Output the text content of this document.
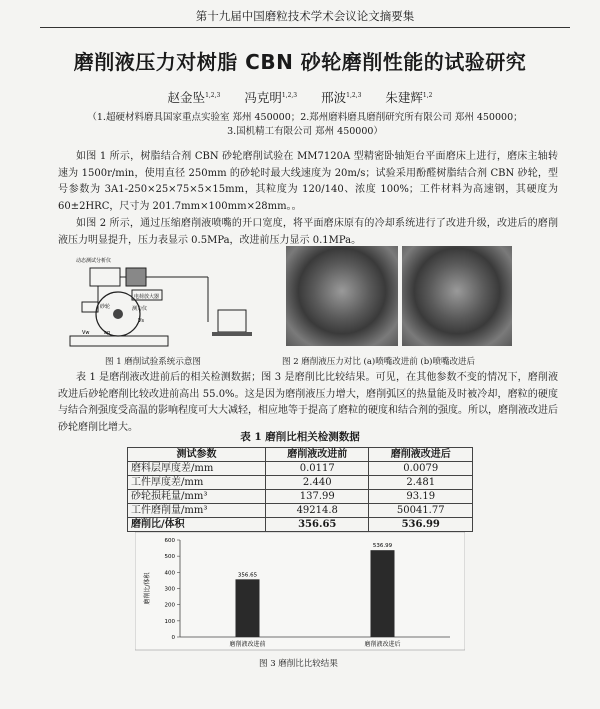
第十九届中国磨粒技术学术会议论文摘要集
磨削液压力对树脂 CBN 砂轮磨削性能的试验研究
赵金坠$^{1,2,3}$ 冯克明$^{1,2,3}$ 邢波$^{1,2,3}$ 朱建辉$^{1,2}$
（1.超硬材料磨具国家重点实验室 郑州 450000；2.郑州磨料磨具磨削研究所有限公司 郑州 450000；
3.国机精工有限公司 郑州 450000）
如图 1 所示，树脂结合剂 CBN 砂轮磨削试验在 MM7120A 型精密卧轴矩台平面磨床上进行，磨床主轴转速为 1500r/min，使用直径 250mm 的砂轮时最大线速度为 20m/s；试验采用酚醛树脂结合剂 CBN 砂轮，型号参数为 3A1-250×25×75×5×15mm，其粒度为 120/140、浓度 100%；工件材料为高速钢，其硬度为 60±2HRC，尺寸为 201.7mm×100mm×28mm。。
如图 2 所示，通过压缩磨削液喷嘴的开口宽度，将平面磨床原有的冷却系统进行了改进升级，改进后的磨削液压力明显提升，压力表显示 0.5MPa，改进前压力显示 0.1MPa。
动态测试分析仪
电荷放大器
测力仪
砂轮
Vw
Vs
ap
图 1 磨削试验系统示意图	图 2 磨削液压力对比 (a)喷嘴改进前 (b)喷嘴改进后
表 1 是磨削液改进前后的相关检测数据；图 3 是磨削比比较结果。可见，在其他参数不变的情况下，磨削液改进后砂轮磨削比较改进前高出 55.0%。这是因为磨削液压力增大，磨削弧区的热量能及时被冷却，磨粒的硬度与结合剂强度受高温的影响程度可大大减轻，相应地等于提高了磨粒的硬度和结合剂的强度。所以，磨削液改进后砂轮磨削比增大。
表 1 磨削比相关检测数据
测试参数	磨削液改进前	磨削液改进后
磨料层厚度差/mm	0.0117	0.0079
工件厚度差/mm	2.440	2.481
砂轮损耗量/mm³	137.99	93.19
工件磨削量/mm³	49214.8	50041.77
磨削比/体积	356.65	536.99
0
100
200
300
400
500
600
磨削比/体积	356.65
磨削液改进前
536.99
磨削液改进后
图 3 磨削比比较结果
